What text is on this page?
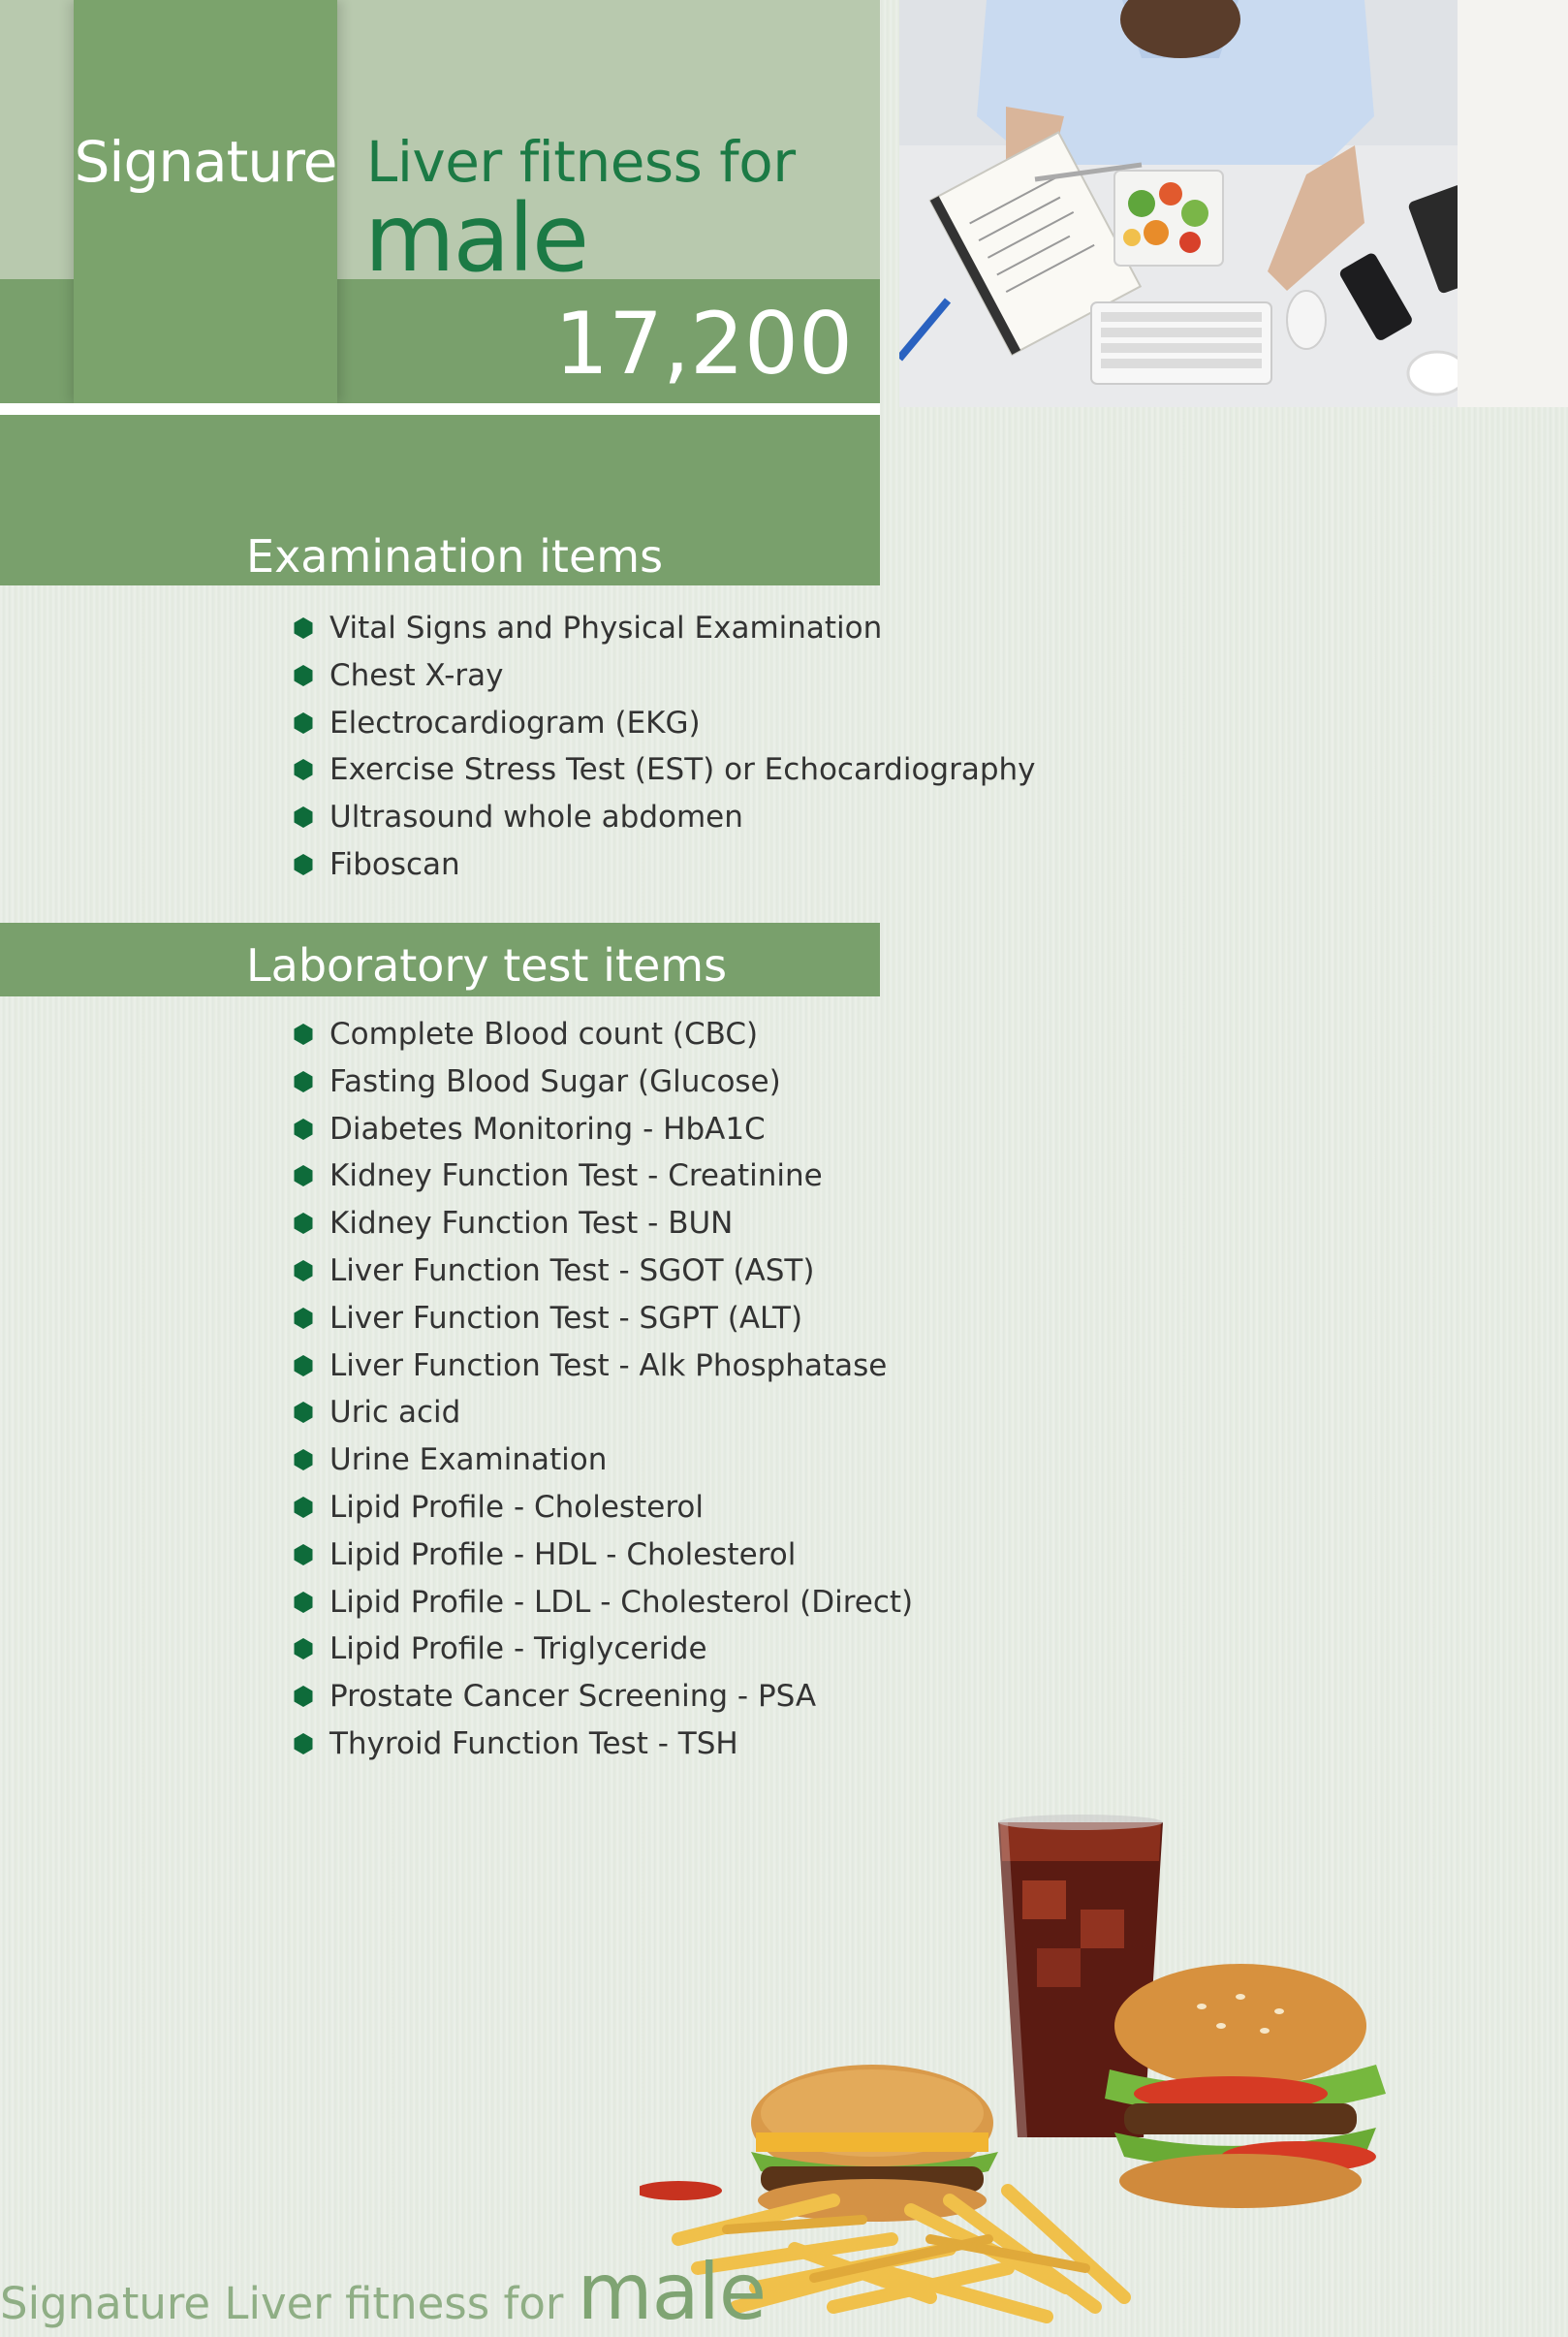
Signature Liver fitness for
male
17,200
Examination items
Vital Signs and Physical Examination
Chest X-ray
Electrocardiogram (EKG)
Exercise Stress Test (EST) or Echocardiography
Ultrasound whole abdomen
Fiboscan
Laboratory test items
Complete Blood count (CBC)
Fasting Blood Sugar (Glucose)
Diabetes Monitoring - HbA1C
Kidney Function Test - Creatinine
Kidney Function Test - BUN
Liver Function Test - SGOT (AST)
Liver Function Test - SGPT (ALT)
Liver Function Test - Alk Phosphatase
Uric acid
Urine Examination
Lipid Profile - Cholesterol
Lipid Profile - HDL - Cholesterol
Lipid Profile - LDL - Cholesterol (Direct)
Lipid Profile - Triglyceride
Prostate Cancer Screening - PSA
Thyroid Function Test - TSH
Signature Liver fitness for male
